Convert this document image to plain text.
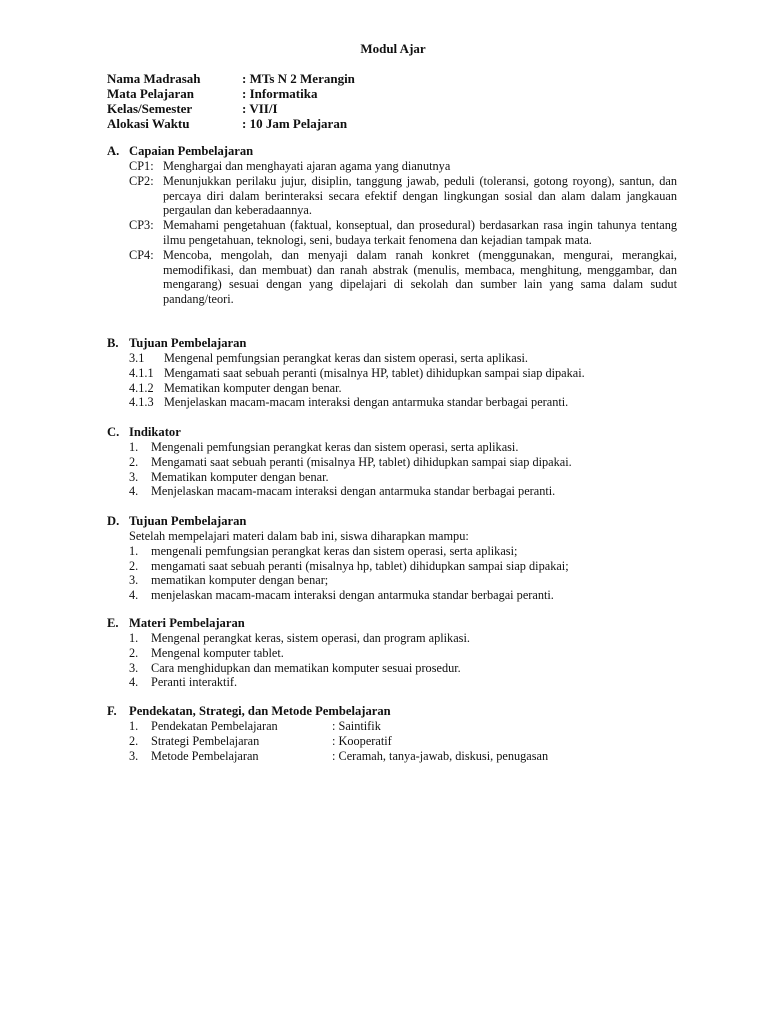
Modul Ajar
Nama Madrasah	: MTs N 2 Merangin
Mata Pelajaran	: Informatika
Kelas/Semester	: VII/I
Alokasi Waktu	: 10 Jam Pelajaran
A. Capaian Pembelajaran
CP1: Menghargai dan menghayati ajaran agama yang dianutnya
CP2: Menunjukkan perilaku jujur, disiplin, tanggung jawab, peduli (toleransi, gotong royong), santun, dan percaya diri dalam berinteraksi secara efektif dengan lingkungan sosial dan alam dalam jangkauan pergaulan dan keberadaannya.
CP3: Memahami pengetahuan (faktual, konseptual, dan prosedural) berdasarkan rasa ingin tahunya tentang ilmu pengetahuan, teknologi, seni, budaya terkait fenomena dan kejadian tampak mata.
CP4: Mencoba, mengolah, dan menyaji dalam ranah konkret (menggunakan, mengurai, merangkai, memodifikasi, dan membuat) dan ranah abstrak (menulis, membaca, menghitung, menggambar, dan mengarang) sesuai dengan yang dipelajari di sekolah dan sumber lain yang sama dalam sudut pandang/teori.
B. Tujuan Pembelajaran
3.1	Mengenal pemfungsian perangkat keras dan sistem operasi, serta aplikasi.
4.1.1 Mengamati saat sebuah peranti (misalnya HP, tablet) dihidupkan sampai siap dipakai.
4.1.2 Mematikan komputer dengan benar.
4.1.3 Menjelaskan macam-macam interaksi dengan antarmuka standar berbagai peranti.
C. Indikator
1.	Mengenali pemfungsian perangkat keras dan sistem operasi, serta aplikasi.
2.	Mengamati saat sebuah peranti (misalnya HP, tablet) dihidupkan sampai siap dipakai.
3.	Mematikan komputer dengan benar.
4.	Menjelaskan macam-macam interaksi dengan antarmuka standar berbagai peranti.
D. Tujuan Pembelajaran
Setelah mempelajari materi dalam bab ini, siswa diharapkan mampu:
1.	mengenali pemfungsian perangkat keras dan sistem operasi, serta aplikasi;
2.	mengamati saat sebuah peranti (misalnya hp, tablet) dihidupkan sampai siap dipakai;
3.	mematikan komputer dengan benar;
4.	menjelaskan macam-macam interaksi dengan antarmuka standar berbagai peranti.
E. Materi Pembelajaran
1.	Mengenal perangkat keras, sistem operasi, dan program aplikasi.
2.	Mengenal komputer tablet.
3.	Cara menghidupkan dan mematikan komputer sesuai prosedur.
4.	Peranti interaktif.
F. Pendekatan, Strategi, dan Metode Pembelajaran
1.	Pendekatan Pembelajaran	: Saintifik
2.	Strategi Pembelajaran	: Kooperatif
3.	Metode Pembelajaran	: Ceramah, tanya-jawab, diskusi, penugasan
